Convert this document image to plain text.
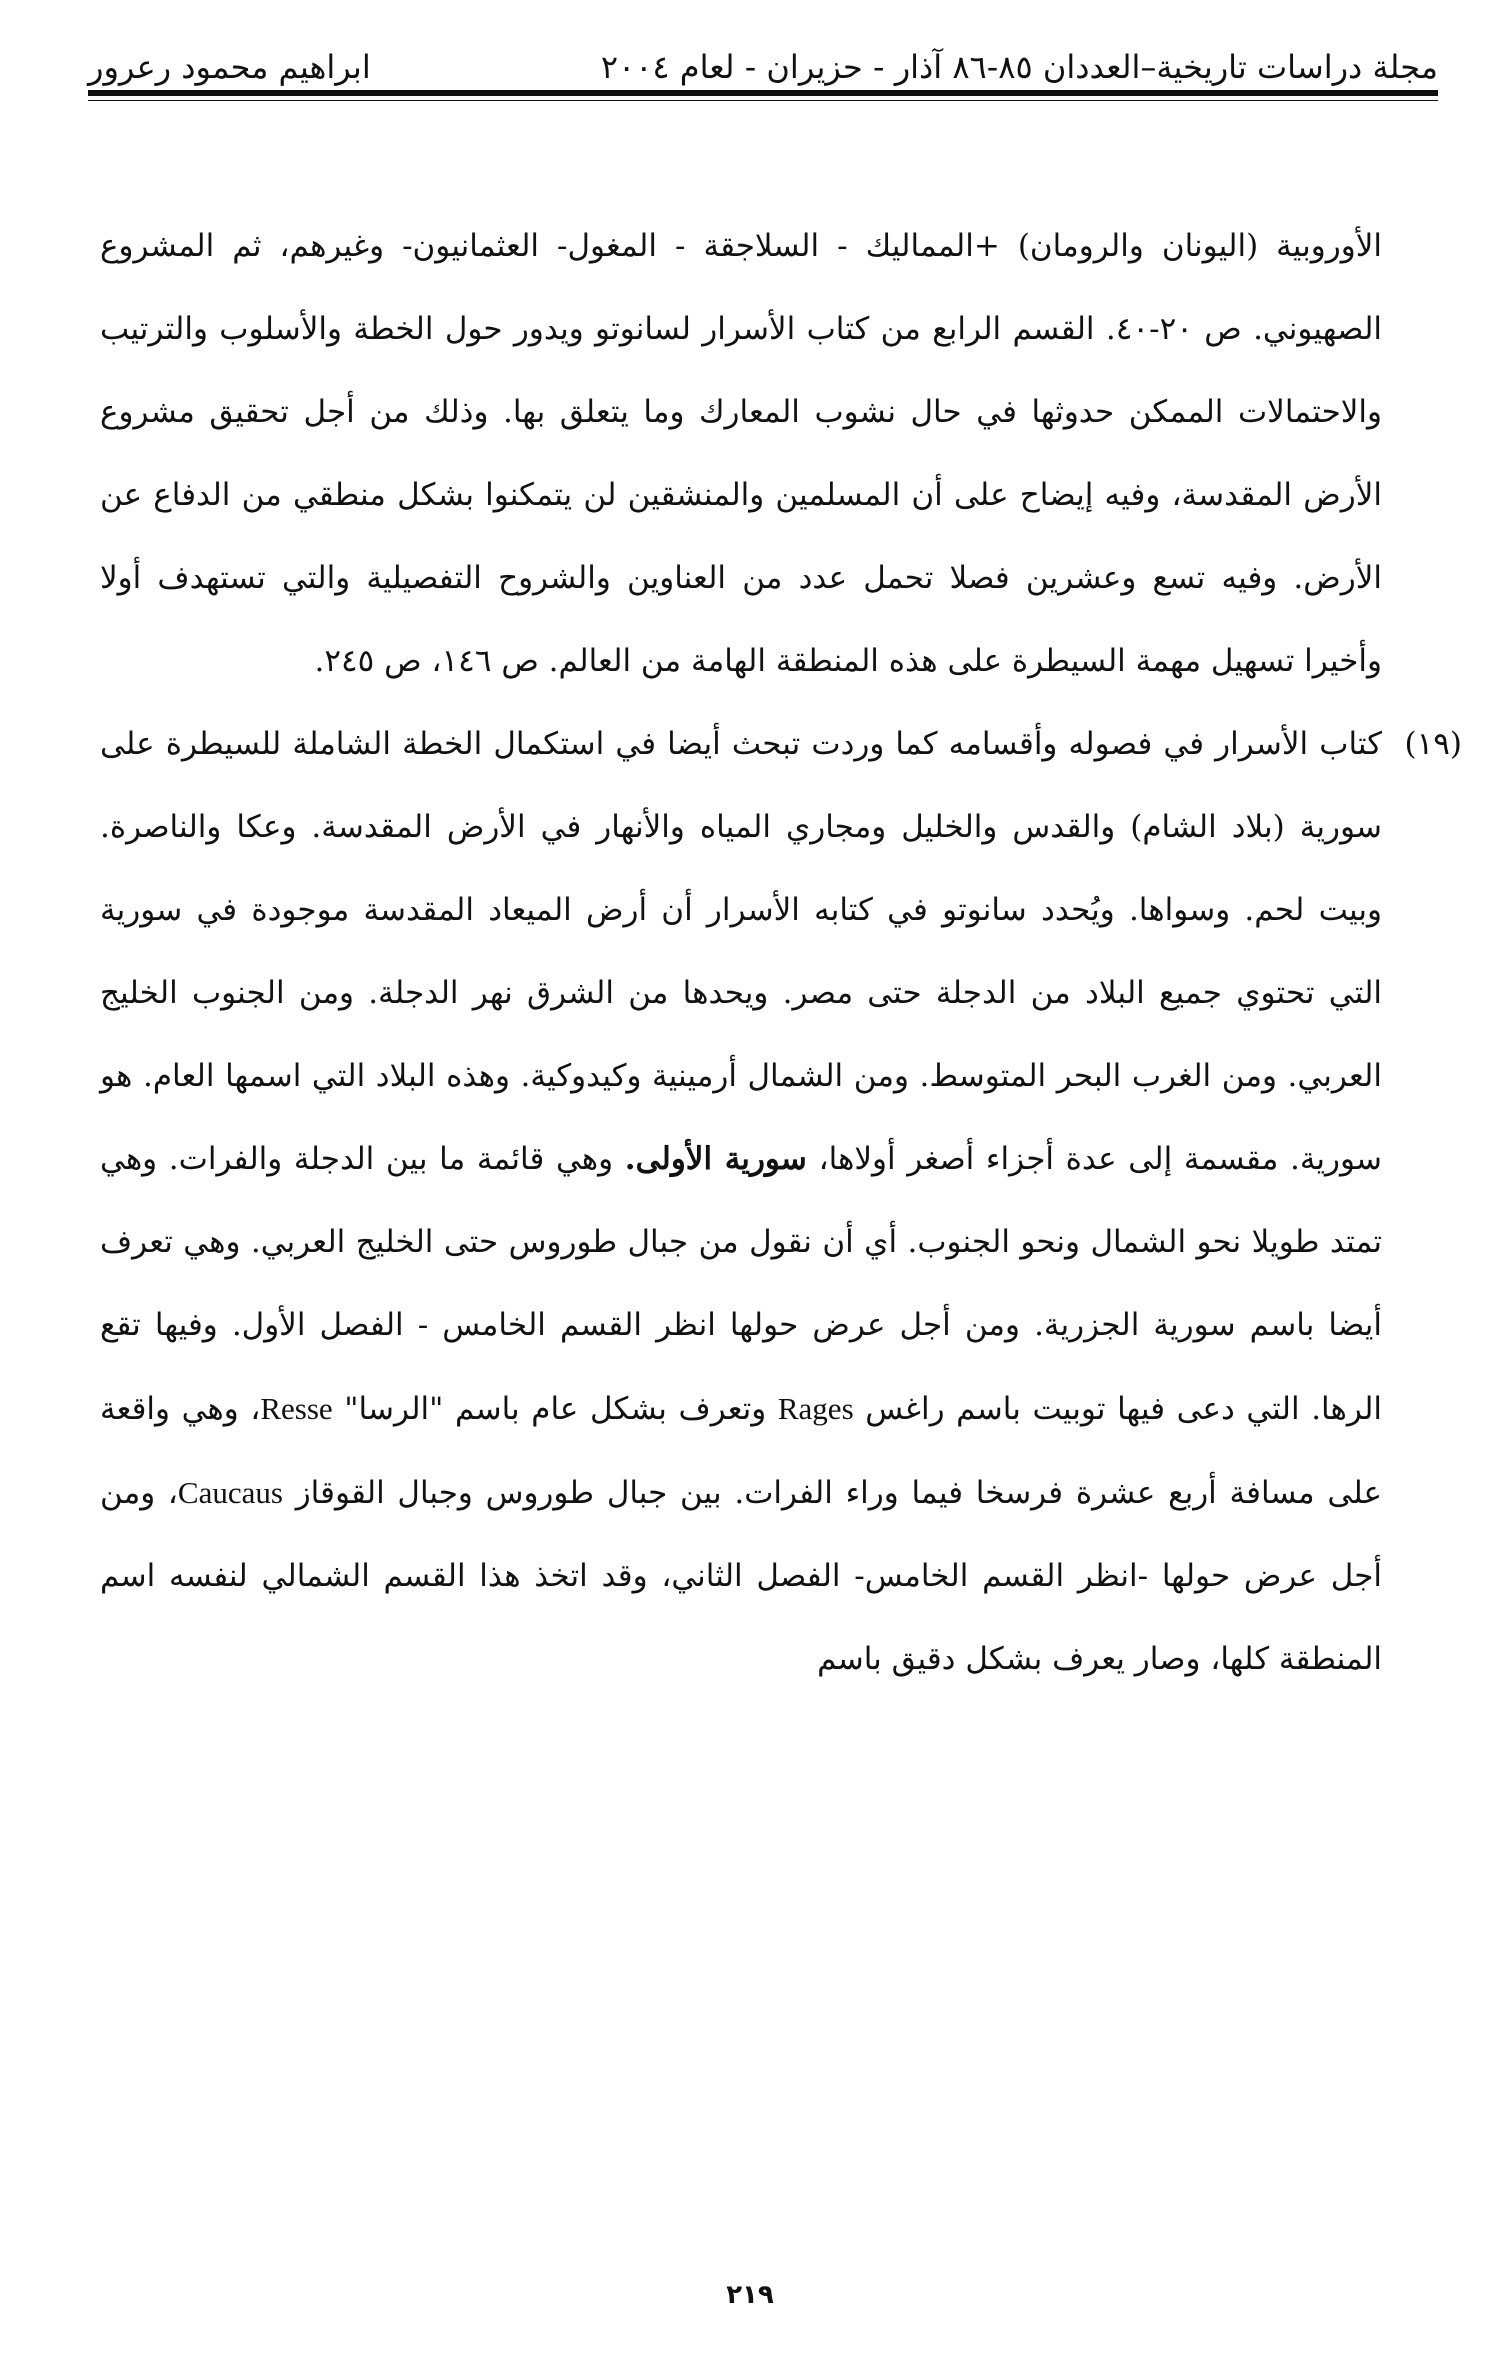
مجلة دراسات تاريخية–العددان ٨٥-٨٦ آذار - حزيران - لعام ٢٠٠٤
ابراهيم محمود رعرور

الأوروبية (اليونان والرومان) +المماليك - السلاجقة - المغول- العثمانيون- وغيرهم، ثم المشروع الصهيوني. ص ٢٠-٤٠. القسم الرابع من كتاب الأسرار لسانوتو ويدور حول الخطة والأسلوب والترتيب والاحتمالات الممكن حدوثها في حال نشوب المعارك وما يتعلق بها. وذلك من أجل تحقيق مشروع الأرض المقدسة، وفيه إيضاح على أن المسلمين والمنشقين لن يتمكنوا بشكل منطقي من الدفاع عن الأرض. وفيه تسع وعشرين فصلا تحمل عدد من العناوين والشروح التفصيلية والتي تستهدف أولا وأخيرا تسهيل مهمة السيطرة على هذه المنطقة الهامة من العالم. ص ١٤٦، ص ٢٤٥.

(١٩)
كتاب الأسرار في فصوله وأقسامه كما وردت تبحث أيضا في استكمال الخطة الشاملة للسيطرة على سورية (بلاد الشام) والقدس والخليل ومجاري المياه والأنهار في الأرض المقدسة. وعكا والناصرة. وبيت لحم. وسواها. ويُحدد سانوتو في كتابه الأسرار أن أرض الميعاد المقدسة موجودة في سورية التي تحتوي جميع البلاد من الدجلة حتى مصر. ويحدها من الشرق نهر الدجلة. ومن الجنوب الخليج العربي. ومن الغرب البحر المتوسط. ومن الشمال أرمينية وكيدوكية. وهذه البلاد التي اسمها العام. هو سورية. مقسمة إلى عدة أجزاء أصغر أولاها، سورية الأولى. وهي قائمة ما بين الدجلة والفرات. وهي تمتد طويلا نحو الشمال ونحو الجنوب. أي أن نقول من جبال طوروس حتى الخليج العربي. وهي تعرف أيضا باسم سورية الجزرية. ومن أجل عرض حولها انظر القسم الخامس - الفصل الأول. وفيها تقع الرها. التي دعى فيها توبيت باسم راغس Rages وتعرف بشكل عام باسم "الرسا" Resse، وهي واقعة على مسافة أربع عشرة فرسخا فيما وراء الفرات. بين جبال طوروس وجبال القوقاز Caucaus، ومن أجل عرض حولها -انظر القسم الخامس- الفصل الثاني، وقد اتخذ هذا القسم الشمالي لنفسه اسم المنطقة كلها، وصار يعرف بشكل دقيق باسم

٢١٩
